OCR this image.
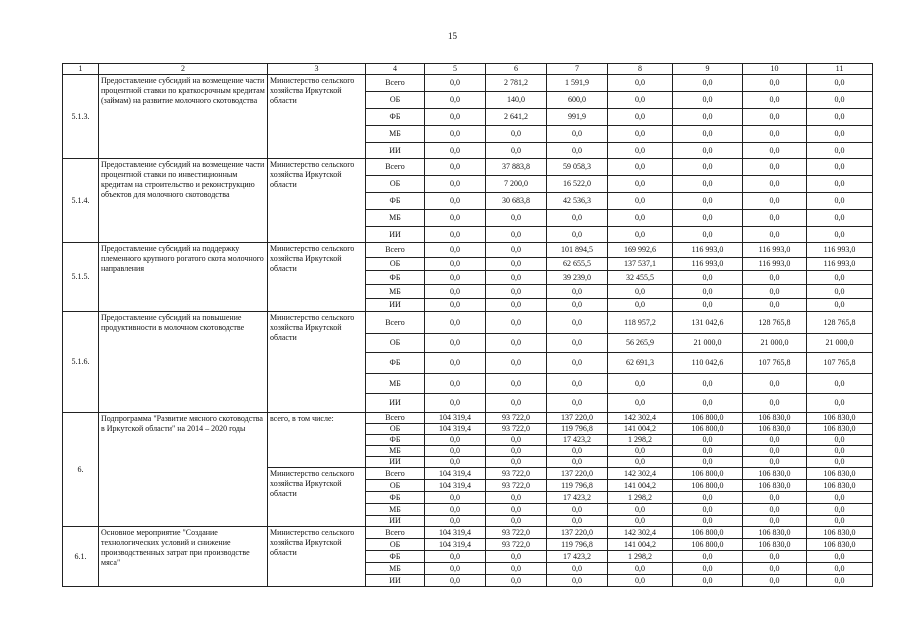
15
1	2	3	4	5	6	7	8	9	10	11
5.1.3.	Предоставление субсидий на возмещение части процентной ставки по краткосрочным кредитам (займам) на развитие молочного скотоводства	Министерство сельского хозяйства Иркутской области	Всего	0,0	2 781,2	1 591,9	0,0	0,0	0,0	0,0
			ОБ	0,0	140,0	600,0	0,0	0,0	0,0	0,0
			ФБ	0,0	2 641,2	991,9	0,0	0,0	0,0	0,0
			МБ	0,0	0,0	0,0	0,0	0,0	0,0	0,0
			ИИ	0,0	0,0	0,0	0,0	0,0	0,0	0,0
5.1.4.	Предоставление субсидий на возмещение части процентной ставки по инвестиционным кредитам на строительство и реконструкцию объектов для молочного скотоводства	Министерство сельского хозяйства Иркутской области	Всего	0,0	37 883,8	59 058,3	0,0	0,0	0,0	0,0
			ОБ	0,0	7 200,0	16 522,0	0,0	0,0	0,0	0,0
			ФБ	0,0	30 683,8	42 536,3	0,0	0,0	0,0	0,0
			МБ	0,0	0,0	0,0	0,0	0,0	0,0	0,0
			ИИ	0,0	0,0	0,0	0,0	0,0	0,0	0,0
5.1.5.	Предоставление субсидий на поддержку племенного крупного рогатого скота молочного направления	Министерство сельского хозяйства Иркутской области	Всего	0,0	0,0	101 894,5	169 992,6	116 993,0	116 993,0	116 993,0
			ОБ	0,0	0,0	62 655,5	137 537,1	116 993,0	116 993,0	116 993,0
			ФБ	0,0	0,0	39 239,0	32 455,5	0,0	0,0	0,0
			МБ	0,0	0,0	0,0	0,0	0,0	0,0	0,0
			ИИ	0,0	0,0	0,0	0,0	0,0	0,0	0,0
5.1.6.	Предоставление субсидий на повышение продуктивности в молочном скотоводстве	Министерство сельского хозяйства Иркутской области	Всего	0,0	0,0	0,0	118 957,2	131 042,6	128 765,8	128 765,8
			ОБ	0,0	0,0	0,0	56 265,9	21 000,0	21 000,0	21 000,0
			ФБ	0,0	0,0	0,0	62 691,3	110 042,6	107 765,8	107 765,8
			МБ	0,0	0,0	0,0	0,0	0,0	0,0	0,0
			ИИ	0,0	0,0	0,0	0,0	0,0	0,0	0,0
6.	Подпрограмма "Развитие мясного скотоводства в Иркутской области" на 2014 – 2020 годы	всего, в том числе:	Всего	104 319,4	93 722,0	137 220,0	142 302,4	106 800,0	106 830,0	106 830,0
			ОБ	104 319,4	93 722,0	119 796,8	141 004,2	106 800,0	106 830,0	106 830,0
			ФБ	0,0	0,0	17 423,2	1 298,2	0,0	0,0	0,0
			МБ	0,0	0,0	0,0	0,0	0,0	0,0	0,0
			ИИ	0,0	0,0	0,0	0,0	0,0	0,0	0,0
		Министерство сельского хозяйства Иркутской области	Всего	104 319,4	93 722,0	137 220,0	142 302,4	106 800,0	106 830,0	106 830,0
			ОБ	104 319,4	93 722,0	119 796,8	141 004,2	106 800,0	106 830,0	106 830,0
			ФБ	0,0	0,0	17 423,2	1 298,2	0,0	0,0	0,0
			МБ	0,0	0,0	0,0	0,0	0,0	0,0	0,0
			ИИ	0,0	0,0	0,0	0,0	0,0	0,0	0,0
6.1.	Основное мероприятие "Создание технологических условий и снижение производственных затрат при производстве мяса"	Министерство сельского хозяйства Иркутской области	Всего	104 319,4	93 722,0	137 220,0	142 302,4	106 800,0	106 830,0	106 830,0
			ОБ	104 319,4	93 722,0	119 796,8	141 004,2	106 800,0	106 830,0	106 830,0
			ФБ	0,0	0,0	17 423,2	1 298,2	0,0	0,0	0,0
			МБ	0,0	0,0	0,0	0,0	0,0	0,0	0,0
			ИИ	0,0	0,0	0,0	0,0	0,0	0,0	0,0
